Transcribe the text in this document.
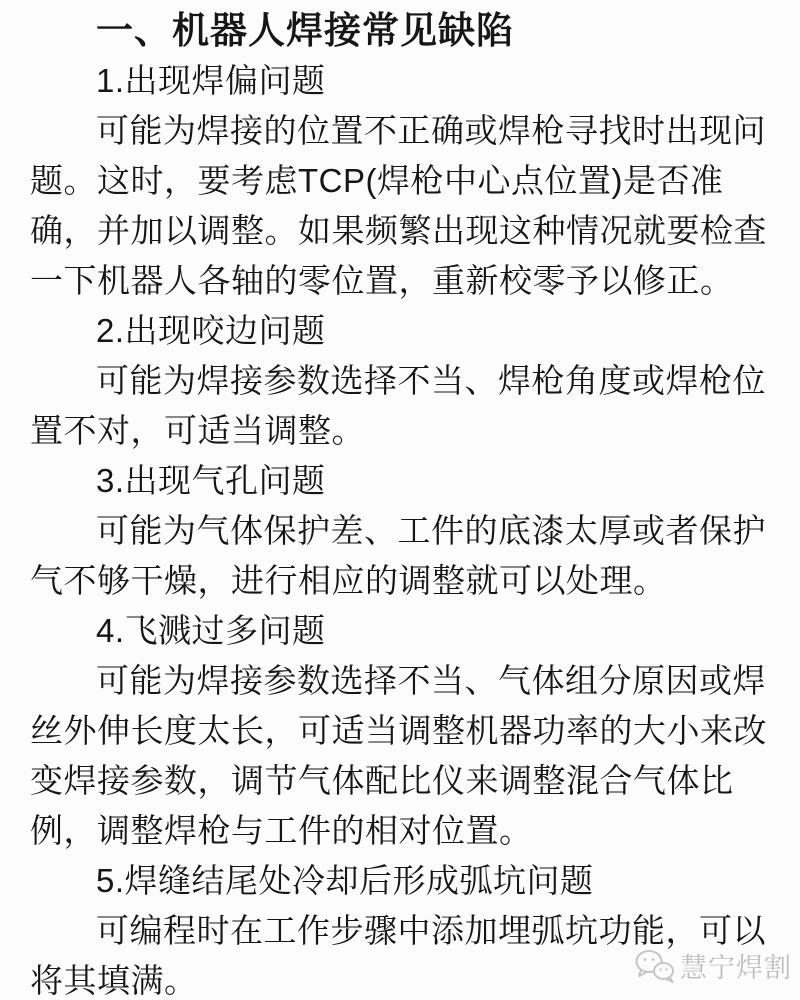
一、机器人焊接常见缺陷
1.出现焊偏问题
可能为焊接的位置不正确或焊枪寻找时出现问
题。这时，要考虑TCP(焊枪中心点位置)是否准
确，并加以调整。如果频繁出现这种情况就要检查
一下机器人各轴的零位置，重新校零予以修正。
2.出现咬边问题
可能为焊接参数选择不当、焊枪角度或焊枪位
置不对，可适当调整。
3.出现气孔问题
可能为气体保护差、工件的底漆太厚或者保护
气不够干燥，进行相应的调整就可以处理。
4.飞溅过多问题
可能为焊接参数选择不当、气体组分原因或焊
丝外伸长度太长，可适当调整机器功率的大小来改
变焊接参数，调节气体配比仪来调整混合气体比
例，调整焊枪与工件的相对位置。
5.焊缝结尾处冷却后形成弧坑问题
可编程时在工作步骤中添加埋弧坑功能，可以
将其填满。	慧宁焊割
